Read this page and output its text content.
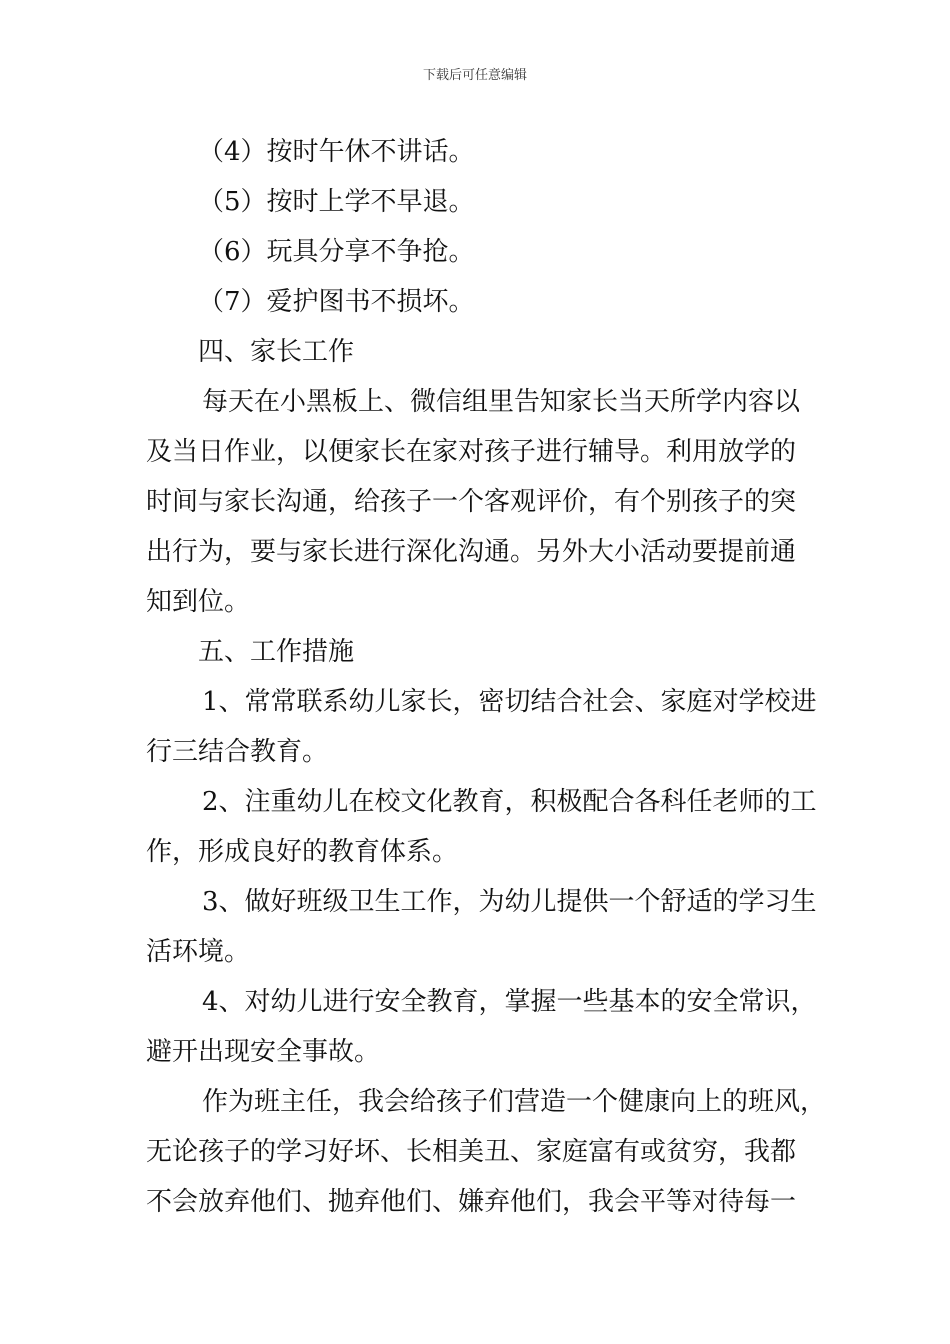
下载后可任意编辑
（4）按时午休不讲话。
（5）按时上学不早退。
（6）玩具分享不争抢。
（7）爱护图书不损坏。
四、家长工作
每天在小黑板上、微信组里告知家长当天所学内容以
及当日作业，以便家长在家对孩子进行辅导。利用放学的
时间与家长沟通，给孩子一个客观评价，有个别孩子的突
出行为，要与家长进行深化沟通。另外大小活动要提前通
知到位。
五、工作措施
1、常常联系幼儿家长，密切结合社会、家庭对学校进
行三结合教育。
2、注重幼儿在校文化教育，积极配合各科任老师的工
作，形成良好的教育体系。
3、做好班级卫生工作，为幼儿提供一个舒适的学习生
活环境。
4、对幼儿进行安全教育，掌握一些基本的安全常识，
避开出现安全事故。
作为班主任，我会给孩子们营造一个健康向上的班风，
无论孩子的学习好坏、长相美丑、家庭富有或贫穷，我都
不会放弃他们、抛弃他们、嫌弃他们，我会平等对待每一
